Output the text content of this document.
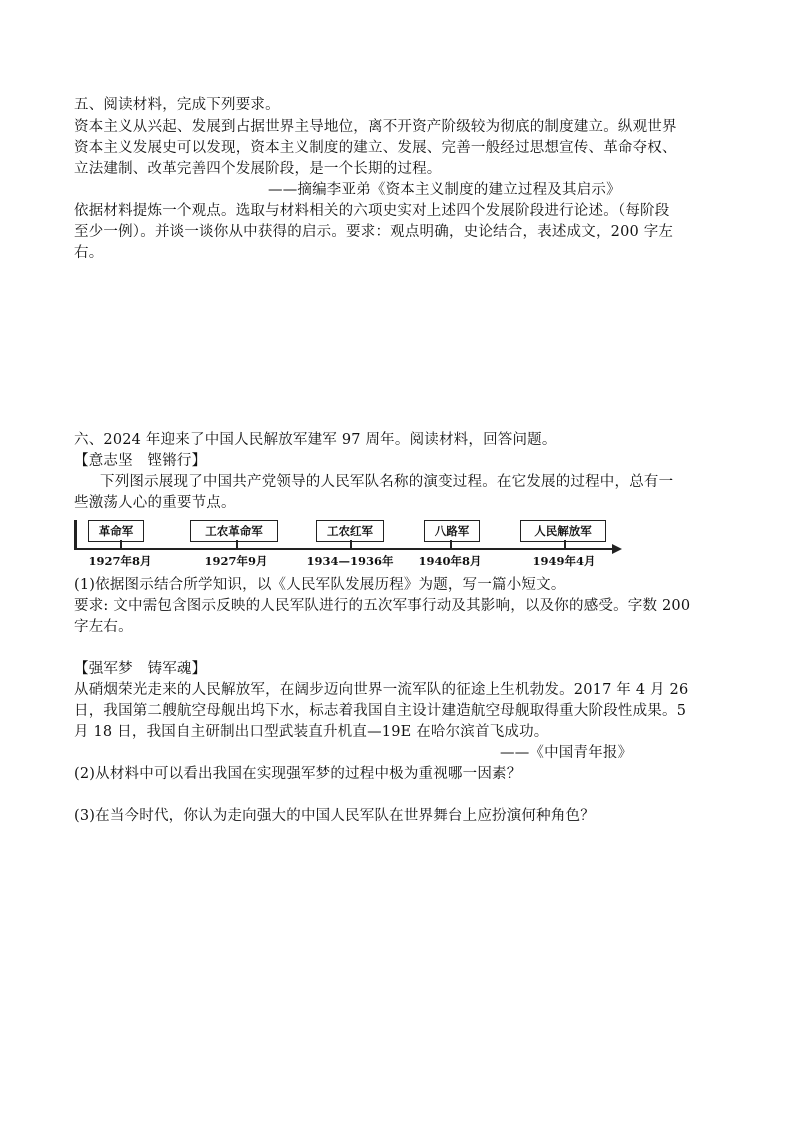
五、阅读材料，完成下列要求。
资本主义从兴起、发展到占据世界主导地位，离不开资产阶级较为彻底的制度建立。纵观世界
资本主义发展史可以发现，资本主义制度的建立、发展、完善一般经过思想宣传、革命夺权、
立法建制、改革完善四个发展阶段，是一个长期的过程。
——摘编李亚弟《资本主义制度的建立过程及其启示》
依据材料提炼一个观点。选取与材料相关的六项史实对上述四个发展阶段进行论述。（每阶段
至少一例）。并谈一谈你从中获得的启示。要求：观点明确，史论结合，表述成文，200 字左
右。
六、2024 年迎来了中国人民解放军建军 97 周年。阅读材料，回答问题。
【意志坚　铿锵行】
下列图示展现了中国共产党领导的人民军队名称的演变过程。在它发展的过程中，总有一
些激荡人心的重要节点。
革命军	工农革命军	工农红军	八路军	人民解放军
1927年8月	1927年9月	1934—1936年 1940年8月	1949年4月
(1)依据图示结合所学知识，以《人民军队发展历程》为题，写一篇小短文。
要求: 文中需包含图示反映的人民军队进行的五次军事行动及其影响，以及你的感受。字数 200
字左右。
【强军梦　铸军魂】
从硝烟荣光走来的人民解放军，在阔步迈向世界一流军队的征途上生机勃发。2017 年 4 月 26
日，我国第二艘航空母舰出坞下水，标志着我国自主设计建造航空母舰取得重大阶段性成果。5
月 18 日，我国自主研制出口型武装直升机直—19E 在哈尔滨首飞成功。
——《中国青年报》
(2)从材料中可以看出我国在实现强军梦的过程中极为重视哪一因素？
(3)在当今时代，你认为走向强大的中国人民军队在世界舞台上应扮演何种角色？
